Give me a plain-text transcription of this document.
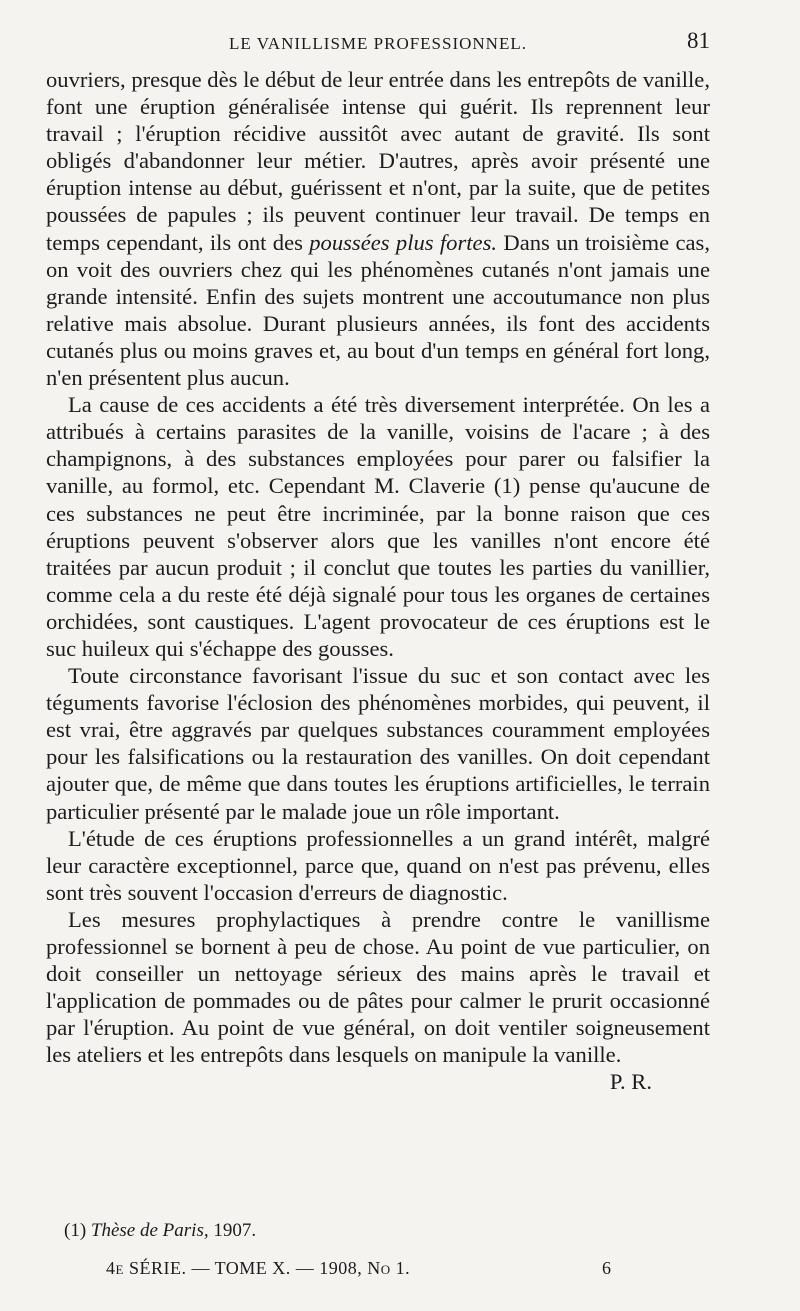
LE VANILLISME PROFESSIONNEL.	81

ouvriers, presque dès le début de leur entrée dans les entrepôts de vanille, font une éruption généralisée intense qui guérit. Ils reprennent leur travail ; l'éruption récidive aussitôt avec autant de gravité. Ils sont obligés d'abandonner leur métier. D'autres, après avoir présenté une éruption intense au début, guérissent et n'ont, par la suite, que de petites poussées de papules ; ils peuvent continuer leur travail. De temps en temps cependant, ils ont des poussées plus fortes. Dans un troisième cas, on voit des ouvriers chez qui les phénomènes cutanés n'ont jamais une grande intensité. Enfin des sujets montrent une accoutumance non plus relative mais absolue. Durant plusieurs années, ils font des accidents cutanés plus ou moins graves et, au bout d'un temps en général fort long, n'en présentent plus aucun.

La cause de ces accidents a été très diversement interprétée. On les a attribués à certains parasites de la vanille, voisins de l'acare ; à des champignons, à des substances employées pour parer ou falsifier la vanille, au formol, etc. Cependant M. Claverie (1) pense qu'aucune de ces substances ne peut être incriminée, par la bonne raison que ces éruptions peuvent s'observer alors que les vanilles n'ont encore été traitées par aucun produit ; il conclut que toutes les parties du vanillier, comme cela a du reste été déjà signalé pour tous les organes de certaines orchidées, sont caustiques. L'agent provocateur de ces éruptions est le suc huileux qui s'échappe des gousses.

Toute circonstance favorisant l'issue du suc et son contact avec les téguments favorise l'éclosion des phénomènes morbides, qui peuvent, il est vrai, être aggravés par quelques substances couramment employées pour les falsifications ou la restauration des vanilles. On doit cependant ajouter que, de même que dans toutes les éruptions artificielles, le terrain particulier présenté par le malade joue un rôle important.

L'étude de ces éruptions professionnelles a un grand intérêt, malgré leur caractère exceptionnel, parce que, quand on n'est pas prévenu, elles sont très souvent l'occasion d'erreurs de diagnostic.

Les mesures prophylactiques à prendre contre le vanillisme professionnel se bornent à peu de chose. Au point de vue particulier, on doit conseiller un nettoyage sérieux des mains après le travail et l'application de pommades ou de pâtes pour calmer le prurit occasionné par l'éruption. Au point de vue général, on doit ventiler soigneusement les ateliers et les entrepôts dans lesquels on manipule la vanille.
P. R.

(1) Thèse de Paris, 1907.
4e SÉRIE. — TOME X. — 1908, No 1.	6
